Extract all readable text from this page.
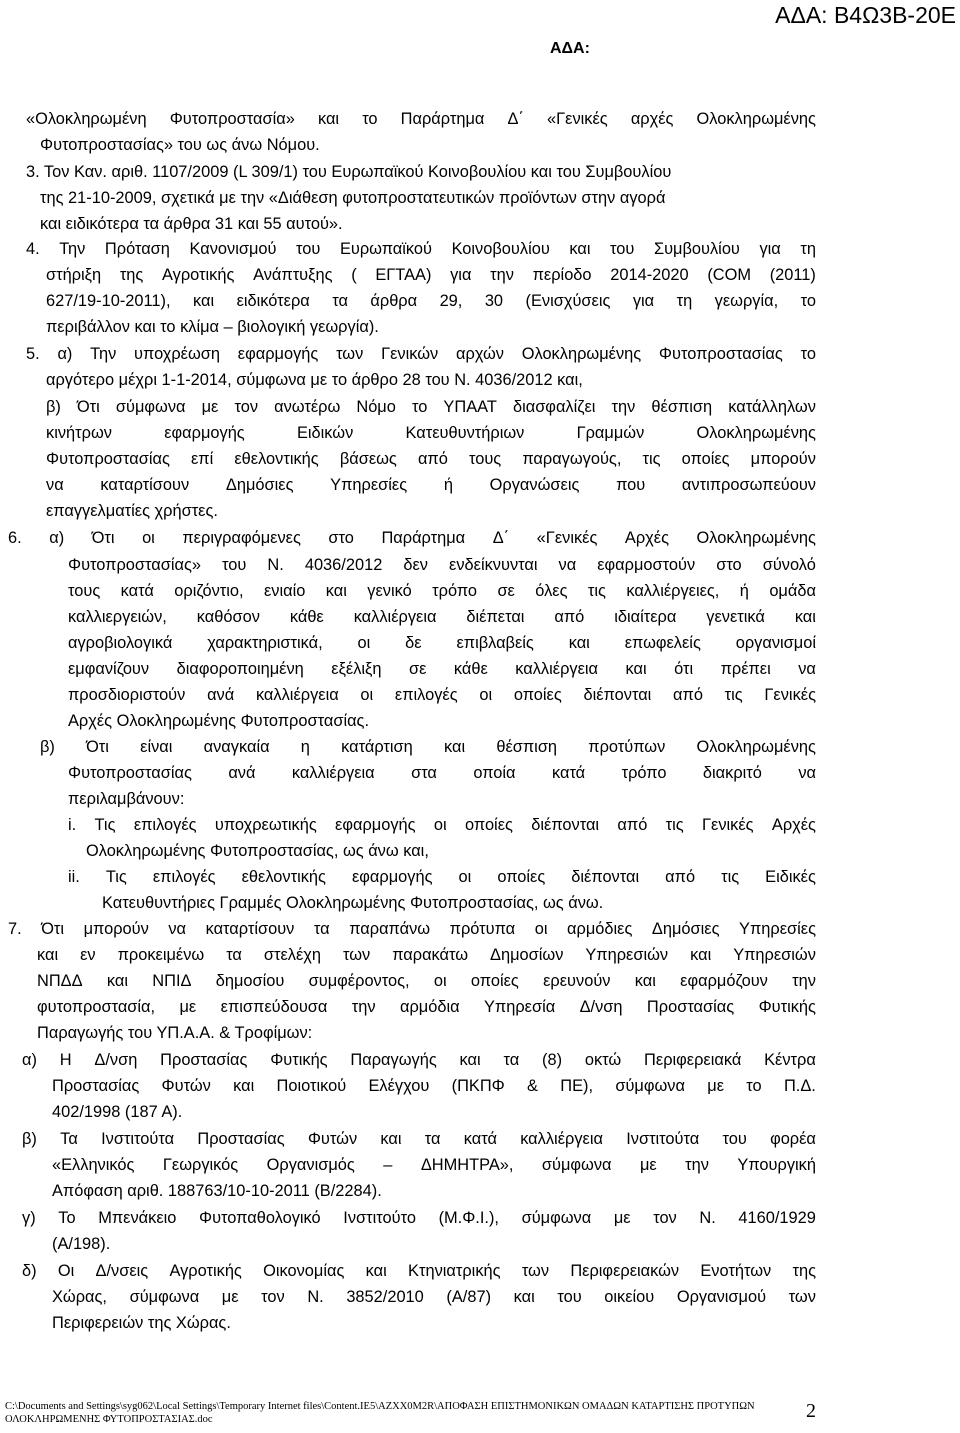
ΑΔΑ: Β4Ω3Β-20Ε
ΑΔΑ:
«Ολοκληρωμένη Φυτοπροστασία» και το Παράρτημα Δ΄ «Γενικές αρχές Ολοκληρωμένης
Φυτοπροστασίας» του ως άνω Νόμου.
3. Τον Καν. αριθ. 1107/2009 (L 309/1) του Ευρωπαϊκού Κοινοβουλίου και του Συμβουλίου
της 21-10-2009, σχετικά με την «Διάθεση φυτοπροστατευτικών προϊόντων στην αγορά
και ειδικότερα τα άρθρα 31 και 55 αυτού».
4. Την Πρόταση Κανονισμού του Ευρωπαϊκού Κοινοβουλίου και του Συμβουλίου για τη
στήριξη της Αγροτικής Ανάπτυξης ( ΕΓΤΑΑ) για την περίοδο 2014-2020 (COM (2011)
627/19-10-2011), και ειδικότερα τα άρθρα 29, 30 (Ενισχύσεις για τη γεωργία, το
περιβάλλον και το κλίμα – βιολογική γεωργία).
5. α) Την υποχρέωση εφαρμογής των Γενικών αρχών Ολοκληρωμένης Φυτοπροστασίας το
αργότερο μέχρι 1-1-2014, σύμφωνα με το άρθρο 28 του Ν. 4036/2012 και,
β) Ότι σύμφωνα με τον ανωτέρω Νόμο το ΥΠΑΑΤ διασφαλίζει την θέσπιση κατάλληλων
κινήτρων	εφαρμογής	Ειδικών	Κατευθυντήριων	Γραμμών	Ολοκληρωμένης
Φυτοπροστασίας επί εθελοντικής βάσεως από τους παραγωγούς, τις οποίες μπορούν
να καταρτίσουν Δημόσιες Υπηρεσίες ή Οργανώσεις που αντιπροσωπεύουν
επαγγελματίες χρήστες.
6. α) Ότι οι περιγραφόμενες στο Παράρτημα Δ΄ «Γενικές Αρχές Ολοκληρωμένης
Φυτοπροστασίας» του Ν. 4036/2012 δεν ενδείκνυνται να εφαρμοστούν στο σύνολό
τους κατά οριζόντιο, ενιαίο και γενικό τρόπο σε όλες τις καλλιέργειες, ή ομάδα
καλλιεργειών, καθόσον κάθε καλλιέργεια διέπεται από ιδιαίτερα γενετικά και
αγροβιολογικά χαρακτηριστικά, οι δε επιβλαβείς και επωφελείς οργανισμοί
εμφανίζουν διαφοροποιημένη εξέλιξη σε κάθε καλλιέργεια και ότι πρέπει να
προσδιοριστούν ανά καλλιέργεια οι επιλογές οι οποίες διέπονται από τις Γενικές
Αρχές Ολοκληρωμένης Φυτοπροστασίας.
β) Ότι είναι αναγκαία η κατάρτιση και θέσπιση προτύπων Ολοκληρωμένης
Φυτοπροστασίας ανά καλλιέργεια στα οποία κατά τρόπο διακριτό να
περιλαμβάνουν:
i. Τις επιλογές υποχρεωτικής εφαρμογής οι οποίες διέπονται από τις Γενικές Αρχές
Ολοκληρωμένης Φυτοπροστασίας, ως άνω και,
ii. Τις επιλογές εθελοντικής εφαρμογής οι οποίες διέπονται από τις Ειδικές
Κατευθυντήριες Γραμμές Ολοκληρωμένης Φυτοπροστασίας, ως άνω.
7. Ότι μπορούν να καταρτίσουν τα παραπάνω πρότυπα οι αρμόδιες Δημόσιες Υπηρεσίες
και εν προκειμένω τα στελέχη των παρακάτω Δημοσίων Υπηρεσιών και Υπηρεσιών
ΝΠΔΔ και ΝΠΙΔ δημοσίου συμφέροντος, οι οποίες ερευνούν και εφαρμόζουν την
φυτοπροστασία, με επισπεύδουσα την αρμόδια Υπηρεσία Δ/νση Προστασίας Φυτικής
Παραγωγής του ΥΠ.Α.Α. & Τροφίμων:
α) Η Δ/νση Προστασίας Φυτικής Παραγωγής και τα (8) οκτώ Περιφερειακά Κέντρα
Προστασίας Φυτών και Ποιοτικού Ελέγχου (ΠΚΠΦ & ΠΕ), σύμφωνα με το Π.Δ.
402/1998 (187 Α).
β) Τα Ινστιτούτα Προστασίας Φυτών και τα κατά καλλιέργεια Ινστιτούτα του φορέα
«Ελληνικός Γεωργικός Οργανισμός – ΔΗΜΗΤΡΑ», σύμφωνα με την Υπουργική
Απόφαση αριθ. 188763/10-10-2011 (Β/2284).
γ) Το Μπενάκειο Φυτοπαθολογικό Ινστιτούτο (Μ.Φ.Ι.), σύμφωνα με τον Ν. 4160/1929
(Α/198).
δ) Οι Δ/νσεις Αγροτικής Οικονομίας και Κτηνιατρικής των Περιφερειακών Ενοτήτων της
Χώρας, σύμφωνα με τον Ν. 3852/2010 (Α/87) και του οικείου Οργανισμού των
Περιφερειών της Χώρας.
C:\Documents and Settings\syg062\Local Settings\Temporary Internet files\Content.IE5\AZXX0M2R\ΑΠΟΦΑΣΗ ΕΠΙΣΤΗΜΟΝΙΚΩΝ ΟΜΑΔΩΝ ΚΑΤΑΡΤΙΣΗΣ ΠΡΟΤΥΠΩΝ
ΟΛΟΚΛΗΡΩΜΕΝΗΣ ΦΥΤΟΠΡΟΣΤΑΣΙΑΣ.doc	2
